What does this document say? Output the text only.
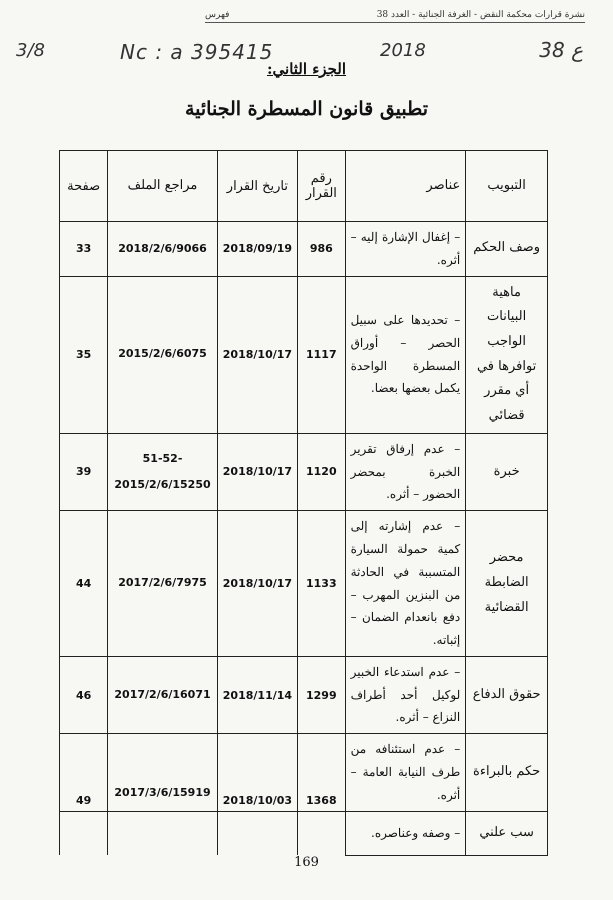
نشرة قرارات محكمة النقض - الغرفة الجنائية - العدد 38
فهرس
3/8	Nc : a 395415	2018	38 ع
الجزء الثاني:
تطبيق قانون المسطرة الجنائية
التبويب	عناصر	رقم القرار	تاريخ القرار	مراجع الملف	صفحة
وصف الحكم	– إغفال الإشارة إليه – أثره.	986	2018/09/19	2018/2/6/9066	33
ماهية البيانات الواجب توافرها في أي مقرر قضائي	– تحديدها على سبيل الحصر – أوراق المسطرة الواحدة يكمل بعضها بعضا.	1117	2018/10/17	2015/2/6/6075	35
خبرة	– عدم إرفاق تقرير الخبرة بمحضر الحضور – أثره.	1120	2018/10/17	-51-52 2015/2/6/15250	39
محضر الضابطة القضائية	– عدم إشارته إلى كمية حمولة السيارة المتسببة في الحادثة من البنزين المهرب – دفع بانعدام الضمان – إثباته.	1133	2018/10/17	2017/2/6/7975	44
حقوق الدفاع	– عدم استدعاء الخبير لوكيل أحد أطراف النزاع – أثره.	1299	2018/11/14	2017/2/6/16071	46
حكم بالبراءة	– عدم استئنافه من طرف النيابة العامة – أثره.	1368	2018/10/03	2017/3/6/15919	49
سب علني	– وصفه وعناصره.				
169
